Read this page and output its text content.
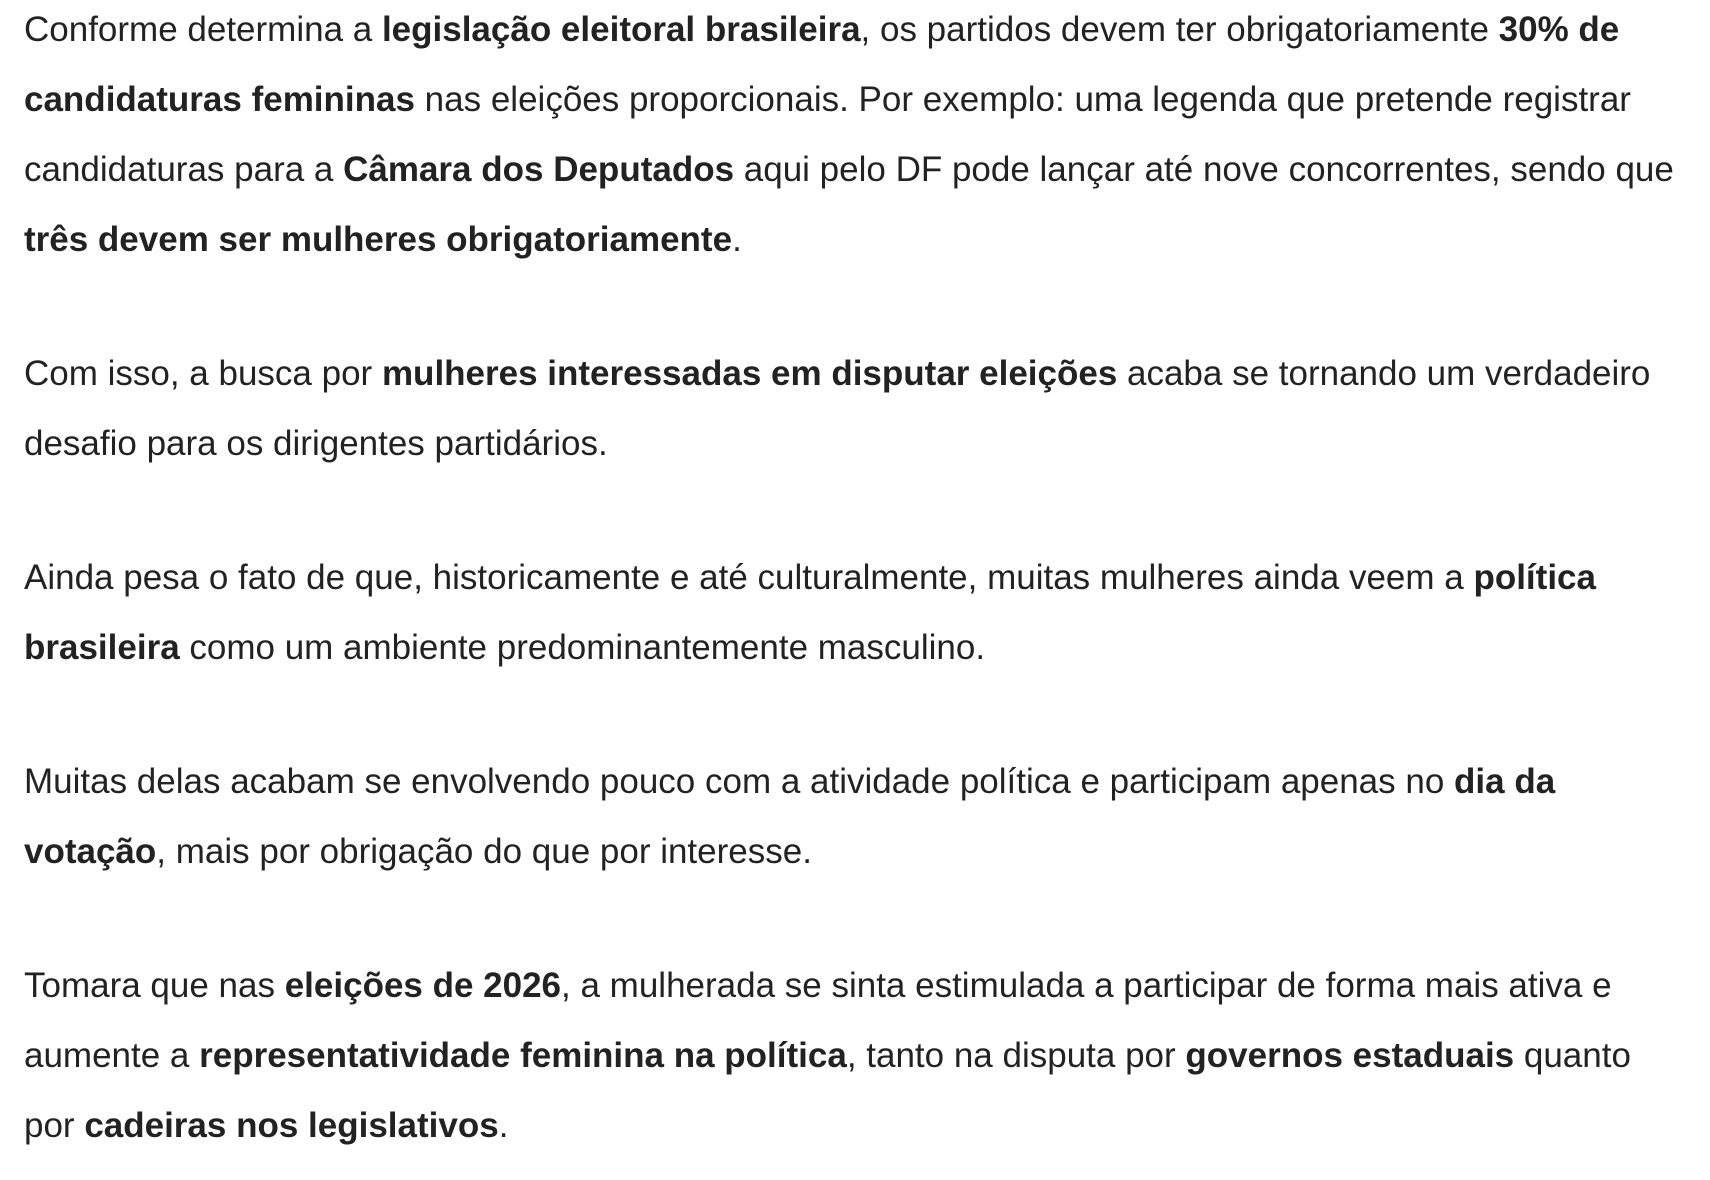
Conforme determina a legislação eleitoral brasileira, os partidos devem ter obrigatoriamente 30% de candidaturas femininas nas eleições proporcionais. Por exemplo: uma legenda que pretende registrar candidaturas para a Câmara dos Deputados aqui pelo DF pode lançar até nove concorrentes, sendo que três devem ser mulheres obrigatoriamente.

Com isso, a busca por mulheres interessadas em disputar eleições acaba se tornando um verdadeiro desafio para os dirigentes partidários.

Ainda pesa o fato de que, historicamente e até culturalmente, muitas mulheres ainda veem a política brasileira como um ambiente predominantemente masculino.

Muitas delas acabam se envolvendo pouco com a atividade política e participam apenas no dia da votação, mais por obrigação do que por interesse.

Tomara que nas eleições de 2026, a mulherada se sinta estimulada a participar de forma mais ativa e aumente a representatividade feminina na política, tanto na disputa por governos estaduais quanto por cadeiras nos legislativos.
